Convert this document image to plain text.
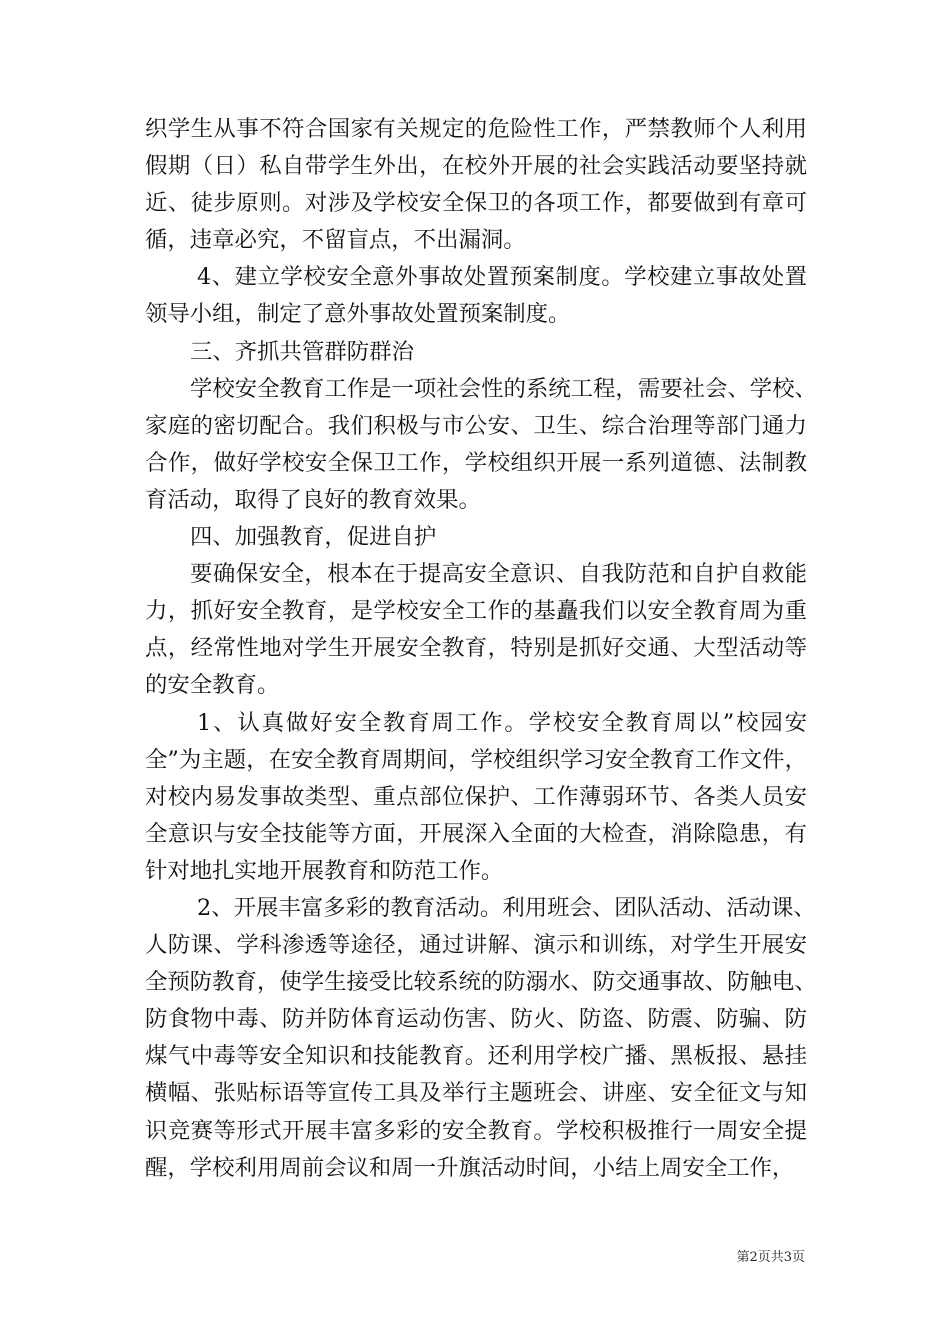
织学生从事不符合国家有关规定的危险性工作，严禁教师个人利用
假期（日）私自带学生外出，在校外开展的社会实践活动要坚持就
近、徒步原则。对涉及学校安全保卫的各项工作，都要做到有章可
循，违章必究，不留盲点，不出漏洞。
4、建立学校安全意外事故处置预案制度。学校建立事故处置
领导小组，制定了意外事故处置预案制度。
三、齐抓共管群防群治
学校安全教育工作是一项社会性的系统工程，需要社会、学校、
家庭的密切配合。我们积极与市公安、卫生、综合治理等部门通力
合作，做好学校安全保卫工作，学校组织开展一系列道德、法制教
育活动，取得了良好的教育效果。
四、加强教育，促进自护
要确保安全，根本在于提高安全意识、自我防范和自护自救能
力，抓好安全教育，是学校安全工作的基矗我们以安全教育周为重
点，经常性地对学生开展安全教育，特别是抓好交通、大型活动等
的安全教育。
1、认真做好安全教育周工作。学校安全教育周以”校园安
全”为主题，在安全教育周期间，学校组织学习安全教育工作文件，
对校内易发事故类型、重点部位保护、工作薄弱环节、各类人员安
全意识与安全技能等方面，开展深入全面的大检查，消除隐患，有
针对地扎实地开展教育和防范工作。
2、开展丰富多彩的教育活动。利用班会、团队活动、活动课、
人防课、学科渗透等途径，通过讲解、演示和训练，对学生开展安
全预防教育，使学生接受比较系统的防溺水、防交通事故、防触电、
防食物中毒、防并防体育运动伤害、防火、防盗、防震、防骗、防
煤气中毒等安全知识和技能教育。还利用学校广播、黑板报、悬挂
横幅、张贴标语等宣传工具及举行主题班会、讲座、安全征文与知
识竞赛等形式开展丰富多彩的安全教育。学校积极推行一周安全提
醒，学校利用周前会议和周一升旗活动时间，小结上周安全工作，
第2页共3页
